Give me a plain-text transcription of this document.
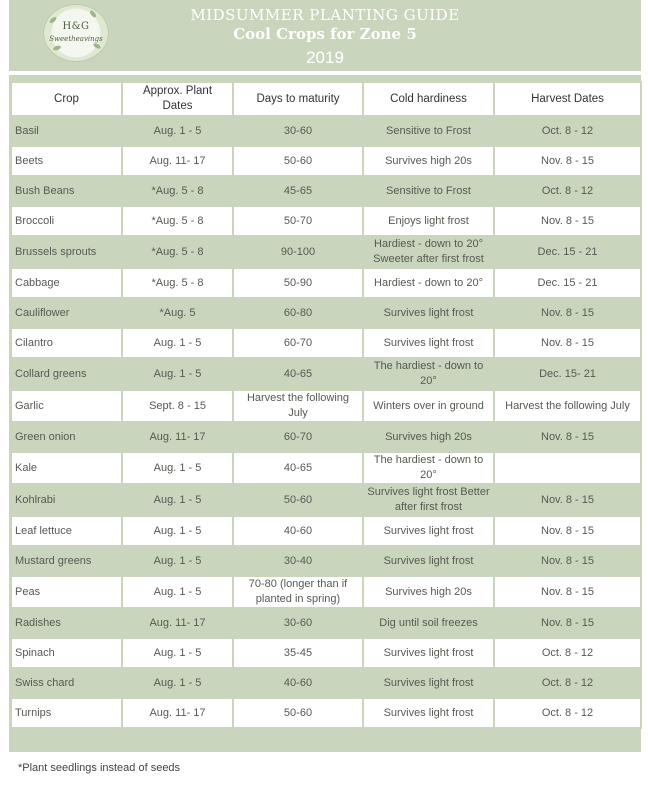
H&G
Sweetheavings
MIDSUMMER PLANTING GUIDE
Cool Crops for Zone 5
2019
Crop	Approx. Plant Dates	Days to maturity	Cold hardiness	Harvest Dates
Basil	Aug. 1 - 5	30-60	Sensitive to Frost	Oct. 8 - 12
Beets	Aug. 11- 17	50-60	Survives high 20s	Nov. 8 - 15
Bush Beans	*Aug. 5 - 8	45-65	Sensitive to Frost	Oct. 8 - 12
Broccoli	*Aug. 5 - 8	50-70	Enjoys light frost	Nov. 8 - 15
Brussels sprouts	*Aug. 5 - 8	90-100	Hardiest - down to 20° Sweeter after first frost	Dec. 15 - 21
Cabbage	*Aug. 5 - 8	50-90	Hardiest - down to 20°	Dec. 15 - 21
Cauliflower	*Aug. 5	60-80	Survives light frost	Nov. 8 - 15
Cilantro	Aug. 1 - 5	60-70	Survives light frost	Nov. 8 - 15
Collard greens	Aug. 1 - 5	40-65	The hardiest - down to 20°	Dec. 15- 21
Garlic	Sept. 8 - 15	Harvest the following July	Winters over in ground	Harvest the following July
Green onion	Aug. 11- 17	60-70	Survives high 20s	Nov. 8 - 15
Kale	Aug. 1 - 5	40-65	The hardiest - down to 20°	
Kohlrabi	Aug. 1 - 5	50-60	Survives light frost Better after first frost	Nov. 8 - 15
Leaf lettuce	Aug. 1 - 5	40-60	Survives light frost	Nov. 8 - 15
Mustard greens	Aug. 1 - 5	30-40	Survives light frost	Nov. 8 - 15
Peas	Aug. 1 - 5	70-80 (longer than if planted in spring)	Survives high 20s	Nov. 8 - 15
Radishes	Aug. 11- 17	30-60	Dig until soil freezes	Nov. 8 - 15
Spinach	Aug. 1 - 5	35-45	Survives light frost	Oct. 8 - 12
Swiss chard	Aug. 1 - 5	40-60	Survives light frost	Oct. 8 - 12
Turnips	Aug. 11- 17	50-60	Survives light frost	Oct. 8 - 12
*Plant seedlings instead of seeds
